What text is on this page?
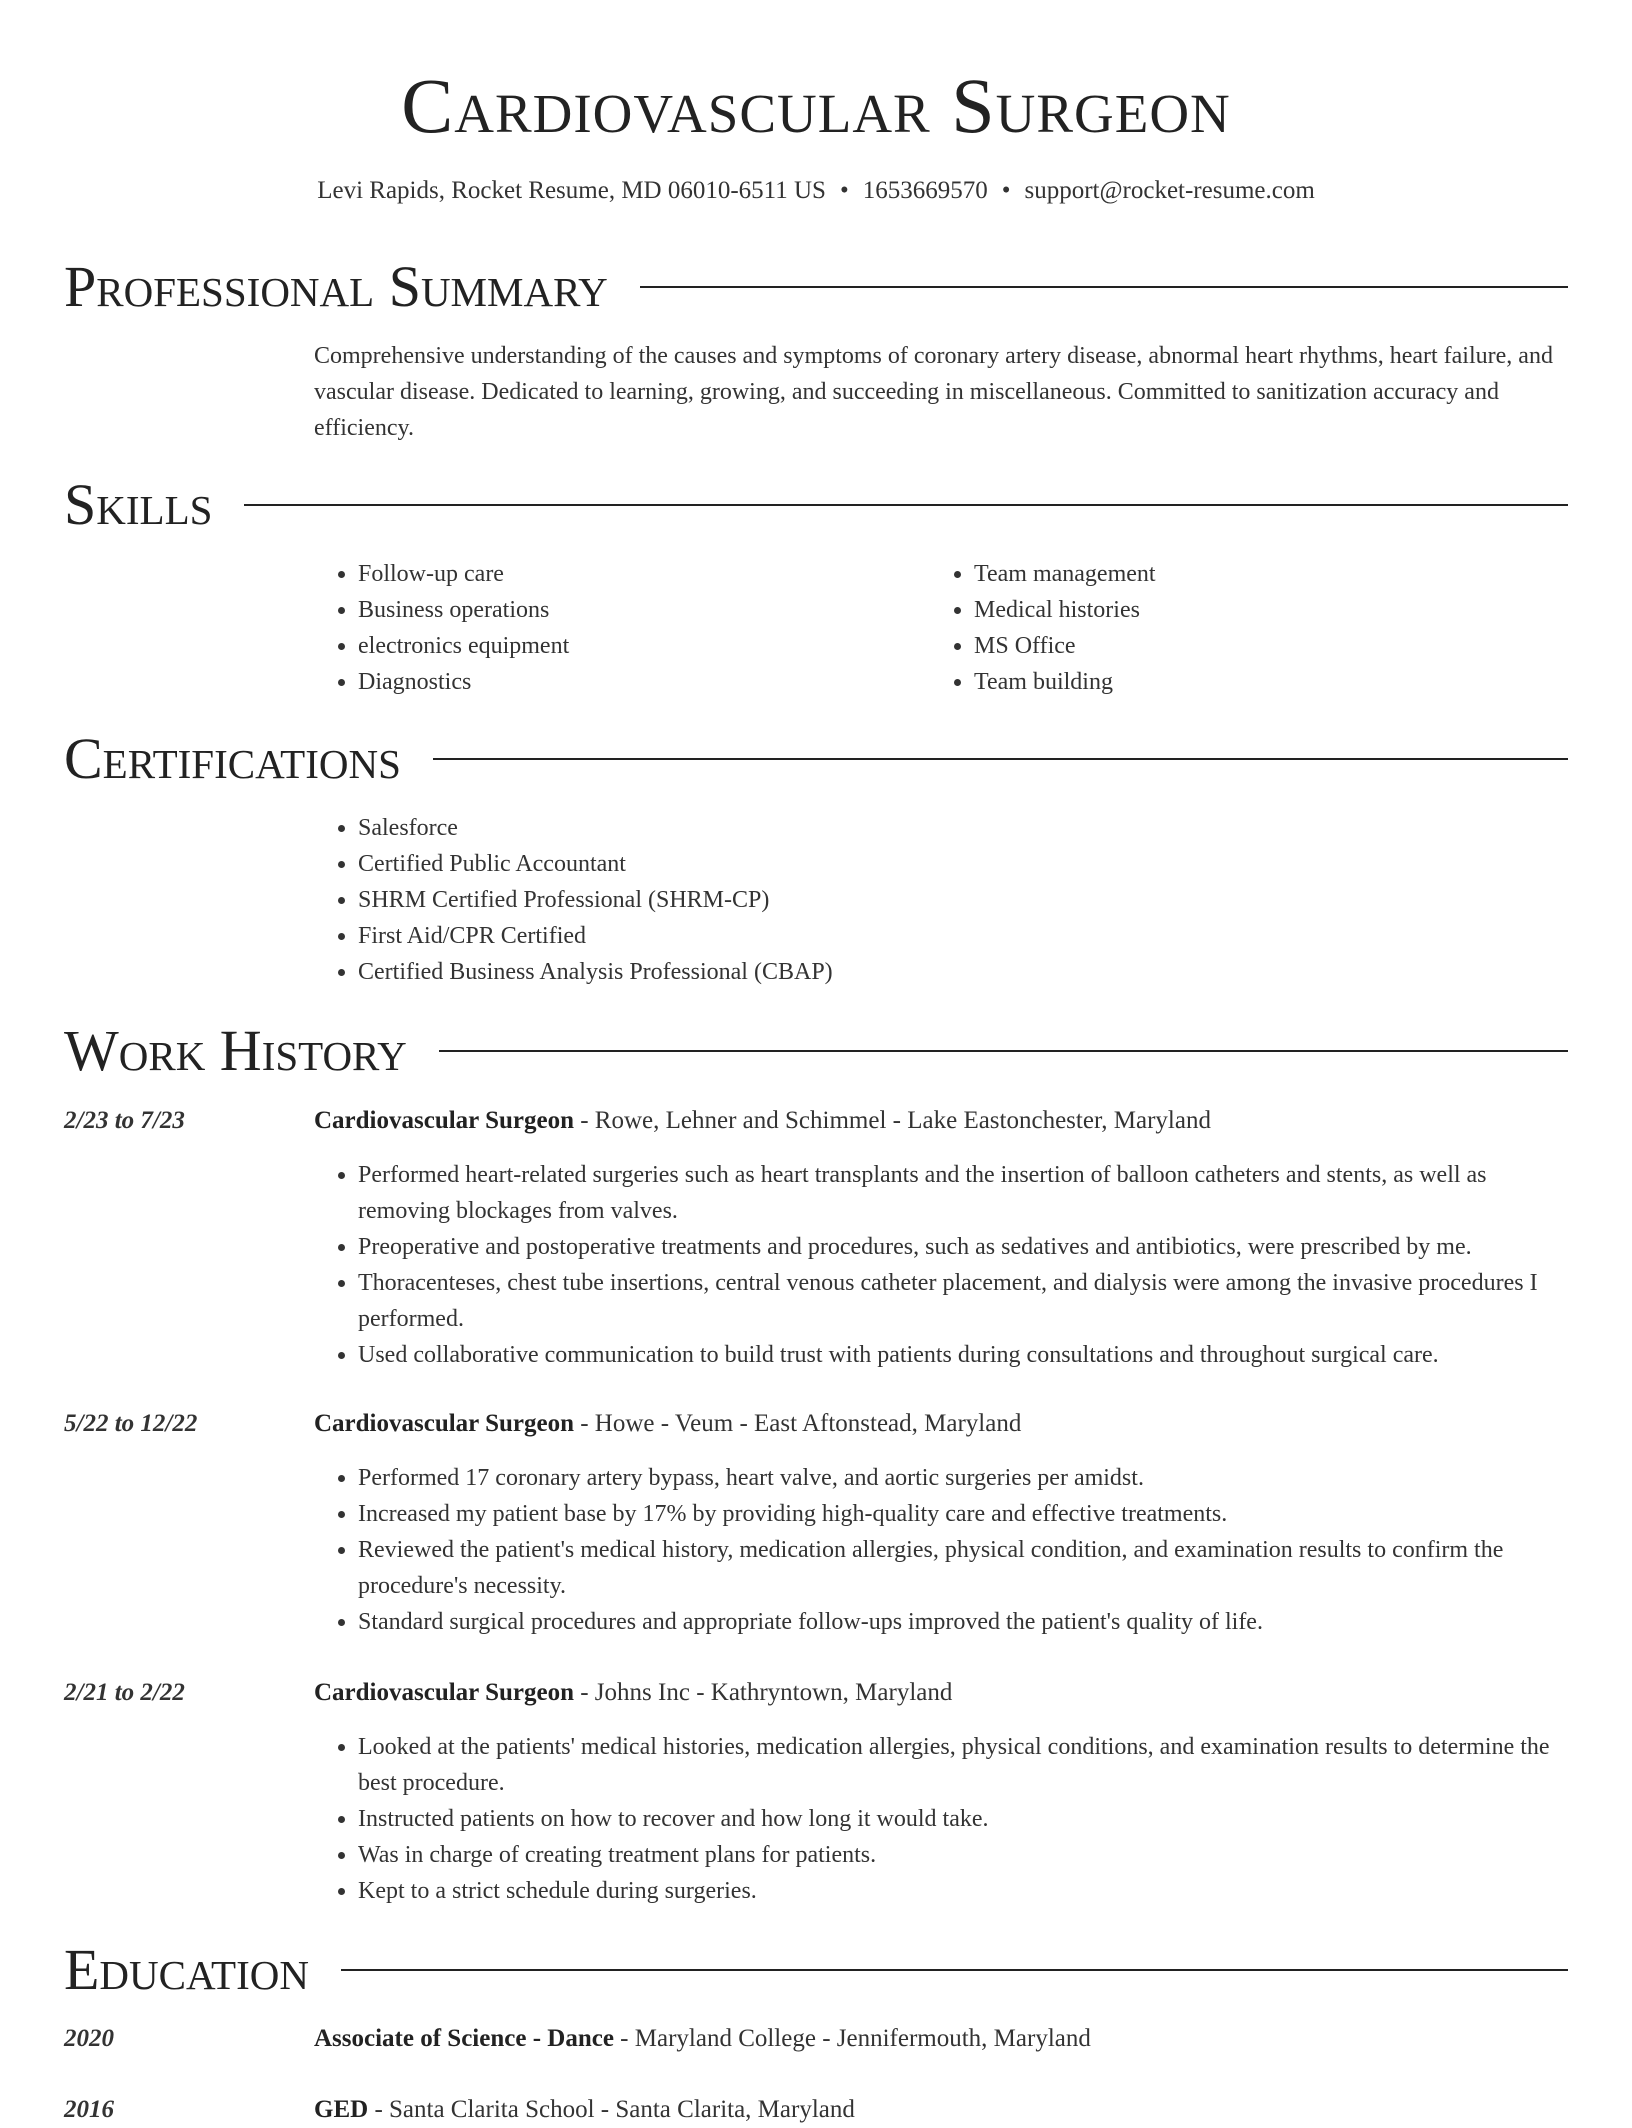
Cardiovascular Surgeon
Levi Rapids, Rocket Resume, MD 06010-6511 US • 1653669570 • support@rocket-resume.com
Professional Summary
Comprehensive understanding of the causes and symptoms of coronary artery disease, abnormal heart rhythms, heart failure, and vascular disease. Dedicated to learning, growing, and succeeding in miscellaneous. Committed to sanitization accuracy and efficiency.
Skills
• Follow-up care
• Business operations
• electronics equipment
• Diagnostics
• Team management
• Medical histories
• MS Office
• Team building
Certifications
• Salesforce
• Certified Public Accountant
• SHRM Certified Professional (SHRM-CP)
• First Aid/CPR Certified
• Certified Business Analysis Professional (CBAP)
Work History
2/23 to 7/23	Cardiovascular Surgeon - Rowe, Lehner and Schimmel - Lake Eastonchester, Maryland
• Performed heart-related surgeries such as heart transplants and the insertion of balloon catheters and stents, as well as removing blockages from valves.
• Preoperative and postoperative treatments and procedures, such as sedatives and antibiotics, were prescribed by me.
• Thoracenteses, chest tube insertions, central venous catheter placement, and dialysis were among the invasive procedures I performed.
• Used collaborative communication to build trust with patients during consultations and throughout surgical care.
5/22 to 12/22	Cardiovascular Surgeon - Howe - Veum - East Aftonstead, Maryland
• Performed 17 coronary artery bypass, heart valve, and aortic surgeries per amidst.
• Increased my patient base by 17% by providing high-quality care and effective treatments.
• Reviewed the patient's medical history, medication allergies, physical condition, and examination results to confirm the procedure's necessity.
• Standard surgical procedures and appropriate follow-ups improved the patient's quality of life.
2/21 to 2/22	Cardiovascular Surgeon - Johns Inc - Kathryntown, Maryland
• Looked at the patients' medical histories, medication allergies, physical conditions, and examination results to determine the best procedure.
• Instructed patients on how to recover and how long it would take.
• Was in charge of creating treatment plans for patients.
• Kept to a strict schedule during surgeries.
Education
2020	Associate of Science - Dance - Maryland College - Jennifermouth, Maryland
2016	GED - Santa Clarita School - Santa Clarita, Maryland
